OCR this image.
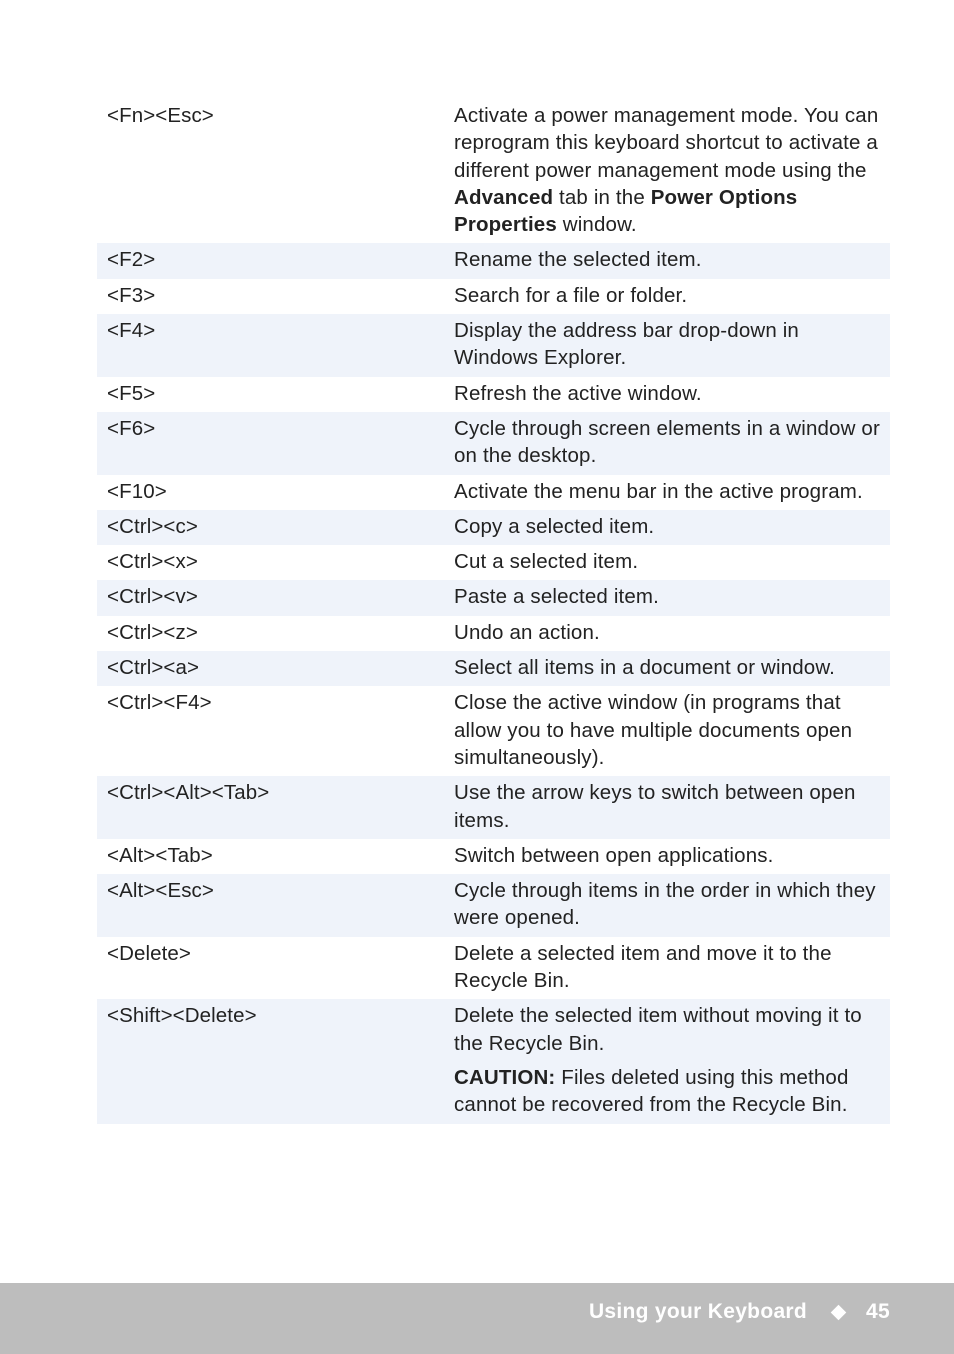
<Fn><Esc>	Activate a power management mode. You can reprogram this keyboard shortcut to activate a different power management mode using the Advanced tab in the Power Options Properties window.
<F2>	Rename the selected item.
<F3>	Search for a file or folder.
<F4>	Display the address bar drop-down in Windows Explorer.
<F5>	Refresh the active window.
<F6>	Cycle through screen elements in a window or on the desktop.
<F10>	Activate the menu bar in the active program.
<Ctrl><c>	Copy a selected item.
<Ctrl><x>	Cut a selected item.
<Ctrl><v>	Paste a selected item.
<Ctrl><z>	Undo an action.
<Ctrl><a>	Select all items in a document or window.
<Ctrl><F4>	Close the active window (in programs that allow you to have multiple documents open simultaneously).
<Ctrl><Alt><Tab>	Use the arrow keys to switch between open items.
<Alt><Tab>	Switch between open applications.
<Alt><Esc>	Cycle through items in the order in which they were opened.
<Delete>	Delete a selected item and move it to the Recycle Bin.
<Shift><Delete>	Delete the selected item without moving it to the Recycle Bin.
CAUTION: Files deleted using this method cannot be recovered from the Recycle Bin.
Using your Keyboard	45
